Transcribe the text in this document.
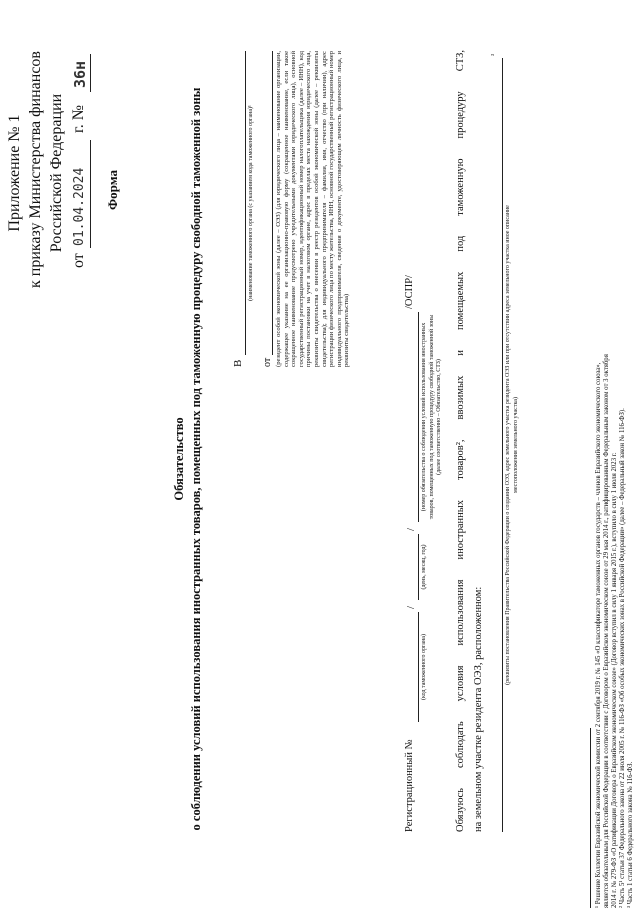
Приложение № 1 к приказу Министерства финансов Российской Федерации
от
01.04.2024
г. №
36н
Форма
Обязательство о соблюдении условий использования иностранных товаров, помещенных под таможенную процедуру свободной таможенной зоны	В
(наименование таможенного органа (с указанием кода таможенного органа)¹
от (резидент особой экономической зоны (далее – ОЭЗ) (для юридического лица – наименование организации, содержащее указание на ее организационно-правовую форму (сокращенное наименование, если такое сокращенное наименование предусмотрено учредительными документами юридического лица), основной государственный регистрационный номер, идентификационный номер налогоплательщика (далее – ИНН), код причины постановки на учет в налоговом органе, адрес в пределах места нахождения юридического лица, реквизиты свидетельства о внесении в реестр резидентов особой экономической зоны (далее – реквизиты свидетельства); для индивидуального предпринимателя – фамилия, имя, отчество (при наличии), адрес регистрации физического лица по месту жительства, ИНН, основной государственный регистрационный номер индивидуального предпринимателя, сведения о документе, удостоверяющем личность физического лица, и реквизиты свидетельства)
Регистрационный №
/
/
/ОСПР/
(код таможенного органа)
(день, месяц, год)
(номер обязательства о соблюдении условий использования иностранных товаров, помещенных под таможенную процедуру свободной таможенной зоны (далее соответственно – Обязательство, СТЗ) Обязуюсь соблюдать условия использования иностранных товаров², ввозимых и помещаемых под таможенную процедуру СТЗ, на земельном участке резидента ОЭЗ, расположенном:
³
(реквизиты постановления Правительства Российской Федерации о создании ОЭЗ, адрес земельного участка резидента ОЭЗ или при отсутствии адреса земельного участка иное описание местоположения земельного участка)	¹ Решение Коллегии Евразийской экономической комиссии от 2 сентября 2019 г. № 145 «О классификаторе таможенных органов государств – членов Евразийского экономического союза», является обязательным для Российской Федерации в соответствии с Договором о Евразийском экономическом союзе от 29 мая 2014 г., ратифицированным Федеральным законом от 3 октября 2014 г. № 279-ФЗ «О ратификации Договора о Евразийском экономическом союзе» (Договор вступил в силу 1 января 2015 г.), вступило в силу 1 июля 2023 г. ² Часть 5¹ статьи 37 Федерального закона от 22 июля 2005 г. № 116-ФЗ «Об особых экономических зонах в Российской Федерации» (далее – Федеральный закон № 116-ФЗ). ³ Часть 1 статьи 6 Федерального закона № 116-ФЗ.
